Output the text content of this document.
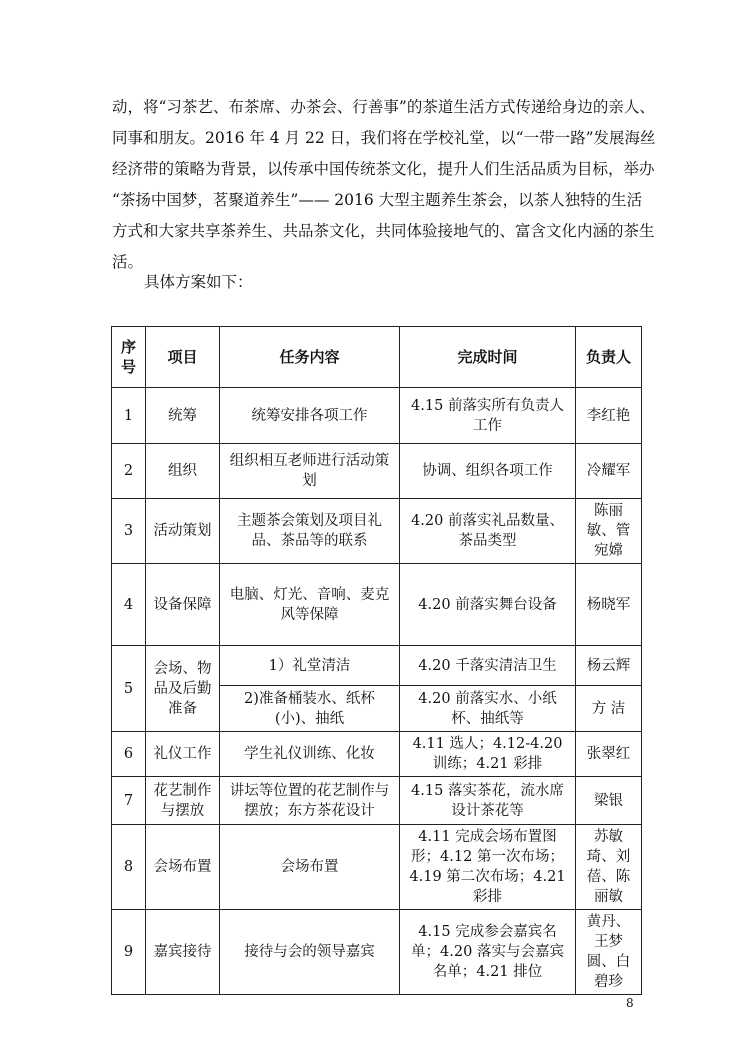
动，将“习茶艺、布茶席、办茶会、行善事”的茶道生活方式传递给身边的亲人、
同事和朋友。2016 年 4 月 22 日，我们将在学校礼堂，以“一带一路”发展海丝
经济带的策略为背景，以传承中国传统茶文化，提升人们生活品质为目标，举办
“茶扬中国梦，茗聚道养生”—— 2016 大型主题养生茶会，以茶人独特的生活
方式和大家共享茶养生、共品茶文化，共同体验接地气的、富含文化内涵的茶生
活。

具体方案如下：

序号	项目	任务内容	完成时间	负责人
1	统筹	统筹安排各项工作	4.15 前落实所有负责人工作	李红艳
2	组织	组织相互老师进行活动策划	协调、组织各项工作	冷耀军
3	活动策划	主题茶会策划及项目礼品、茶品等的联系	4.20 前落实礼品数量、茶品类型	陈丽敏、管宛嫦
4	设备保障	电脑、灯光、音响、麦克风等保障	4.20 前落实舞台设备	杨晓军
5	会场、物品及后勤准备	1）礼堂清洁	4.20 千落实清洁卫生	杨云辉
		2)准备桶装水、纸杯(小)、抽纸	4.20 前落实水、小纸杯、抽纸等	方 洁
6	礼仪工作	学生礼仪训练、化妆	4.11 选人；4.12-4.20 训练；4.21 彩排	张翠红
7	花艺制作与摆放	讲坛等位置的花艺制作与摆放；东方茶花设计	4.15 落实茶花，流水席设计茶花等	梁银
8	会场布置	会场布置	4.11 完成会场布置图形；4.12 第一次布场；4.19 第二次布场；4.21 彩排	苏敏琦、刘 蓓、陈丽敏
9	嘉宾接待	接待与会的领导嘉宾	4.15 完成参会嘉宾名单；4.20 落实与会嘉宾名单；4.21 排位	黄丹、王梦圆、白碧珍

8
